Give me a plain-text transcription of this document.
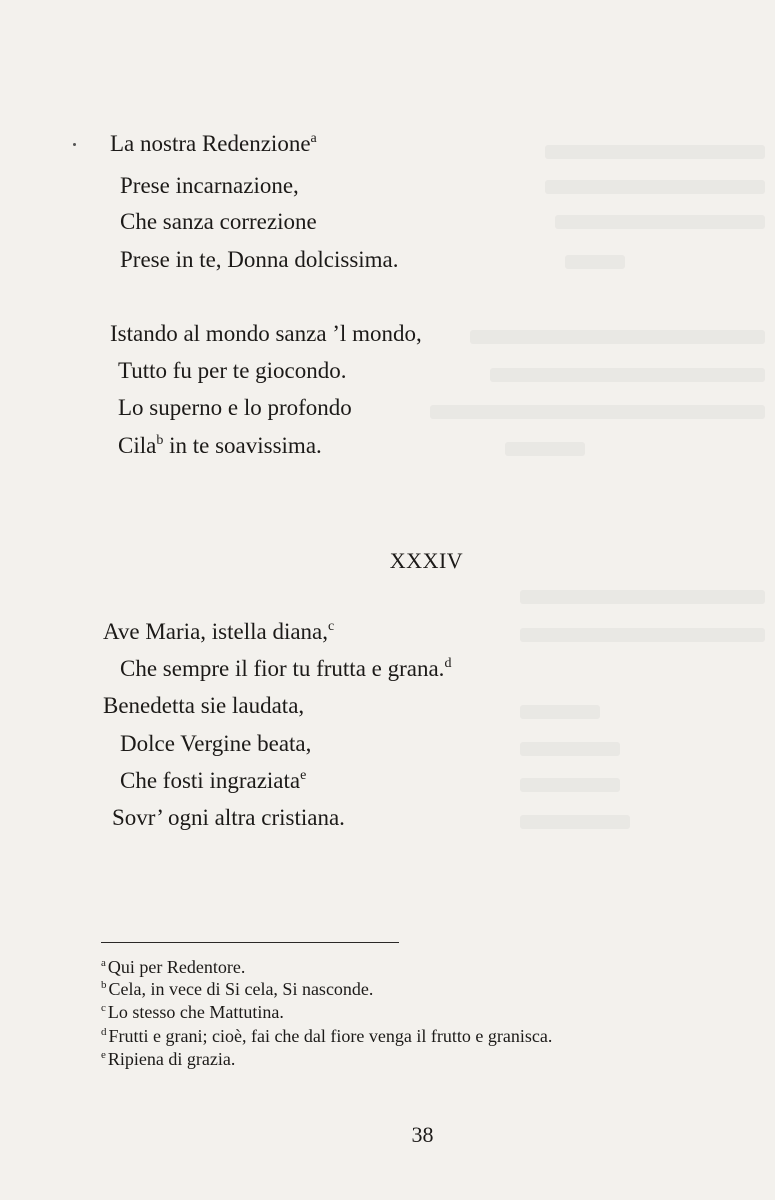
La nostra Redenzione$^a$
Prese incarnazione,
Che sanza correzione
Prese in te, Donna dolcissima.
Istando al mondo sanza ’l mondo,
Tutto fu per te giocondo.
Lo superno e lo profondo
Cila$^b$ in te soavissima.
XXXIV
Ave Maria, istella diana,$^c$
Che sempre il fior tu frutta e grana.$^d$
Benedetta sie laudata,
Dolce Vergine beata,
Che fosti ingraziata$^e$
Sovr’ ogni altra cristiana.
$^a$ Qui per Redentore.
$^b$ Cela, in vece di Si cela, Si nasconde.
$^c$ Lo stesso che Mattutina.
$^d$ Frutti e grani; cioè, fai che dal fiore venga il frutto e granisca.
$^e$ Ripiena di grazia.
38
